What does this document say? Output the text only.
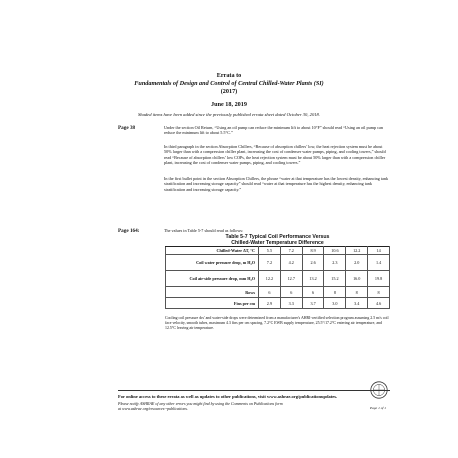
Errata to
Fundamentals of Design and Control of Central Chilled-Water Plants (SI)
(2017)
June 18, 2019
Shaded items have been added since the previously published errata sheet dated October 30, 2018.
Page 38	Under the section Oil Return, “Using an oil pump can reduce the minimum lift to about 10°F” should read “Using an oil pump can reduce the minimum lift to about 5.5°C.”
In third paragraph in the section Absorption Chillers, “Because of absorption chillers’ low, the heat rejection system must be about 50% larger than with a compression chiller plant, increasing the cost of condenser water pumps, piping, and cooling towers,” should read “Because of absorption chillers’ low COPs, the heat rejection system must be about 50% larger than with a compression chiller plant, increasing the cost of condenser water pumps, piping, and cooling towers.”
In the first bullet point in the section Absorption Chillers, the phrase “water at that temperature has the lowest density, enhancing tank stratification and increasing storage capacity” should read “water at that temperature has the highest density, enhancing tank stratification and increasing storage capacity.”
Page 164:	The values in Table 5-7 should read as follows:
Table 5-7 Typical Coil Performance Versus
Chilled-Water Temperature Difference
Chilled-Water ΔT, °C	5.5	7.2	8.9	10.6	12.2	14
Coil water pressure drop, m H₂O	7.2	4.2	2.6	2.3	2.0	1.4
Coil air-side pressure drop, mm H₂O	12.2	12.7	13.2	15.2	16.0	19.8
Rows	6	6	6	8	8	8
Fins per cm	2.9	3.3	3.7	3.0	3.4	4.6
Cooling coil pressure drs' and water-side drops were determined from a manufacturer's AHRI-certified selection program assuming 2.5 m/s coil face velocity, smooth tubes, maximum 4.3 fins per cm spacing, 7.2°C EWB supply temperature, 25.5°/17.2°C entering air temperature, and 12.5°C leaving air temperature.
For online access to these errata as well as updates to other publications, visit www.ashrae.org/publicationupdates.
Please notify ASHRAE of any other errors you might find by using the Comments on Publications form
at www.ashrae.org/resources--publications.	Page 1 of 1
